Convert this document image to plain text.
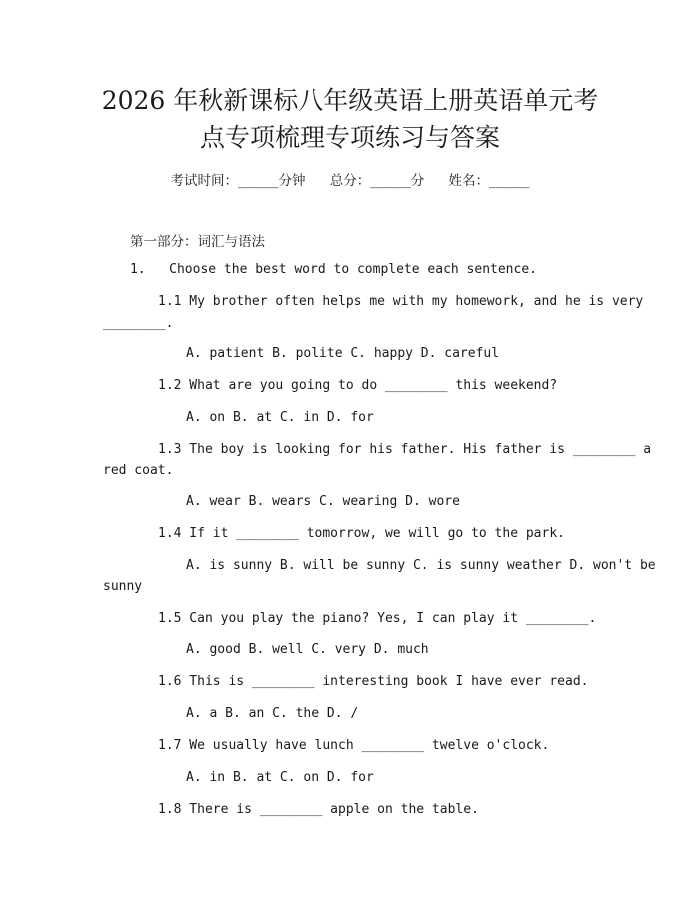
2026 年秋新课标八年级英语上册英语单元考
点专项梳理专项练习与答案
考试时间：______分钟 总分：______分 姓名：______
第一部分：词汇与语法
1.   Choose the best word to complete each sentence.
1.1 My brother often helps me with my homework, and he is very
________.
A. patient B. polite C. happy D. careful
1.2 What are you going to do ________ this weekend?
A. on B. at C. in D. for
1.3 The boy is looking for his father. His father is ________ a
red coat.
A. wear B. wears C. wearing D. wore
1.4 If it ________ tomorrow, we will go to the park.
A. is sunny B. will be sunny C. is sunny weather D. won't be
sunny
1.5 Can you play the piano? Yes, I can play it ________.
A. good B. well C. very D. much
1.6 This is ________ interesting book I have ever read.
A. a B. an C. the D. /
1.7 We usually have lunch ________ twelve o'clock.
A. in B. at C. on D. for
1.8 There is ________ apple on the table.
